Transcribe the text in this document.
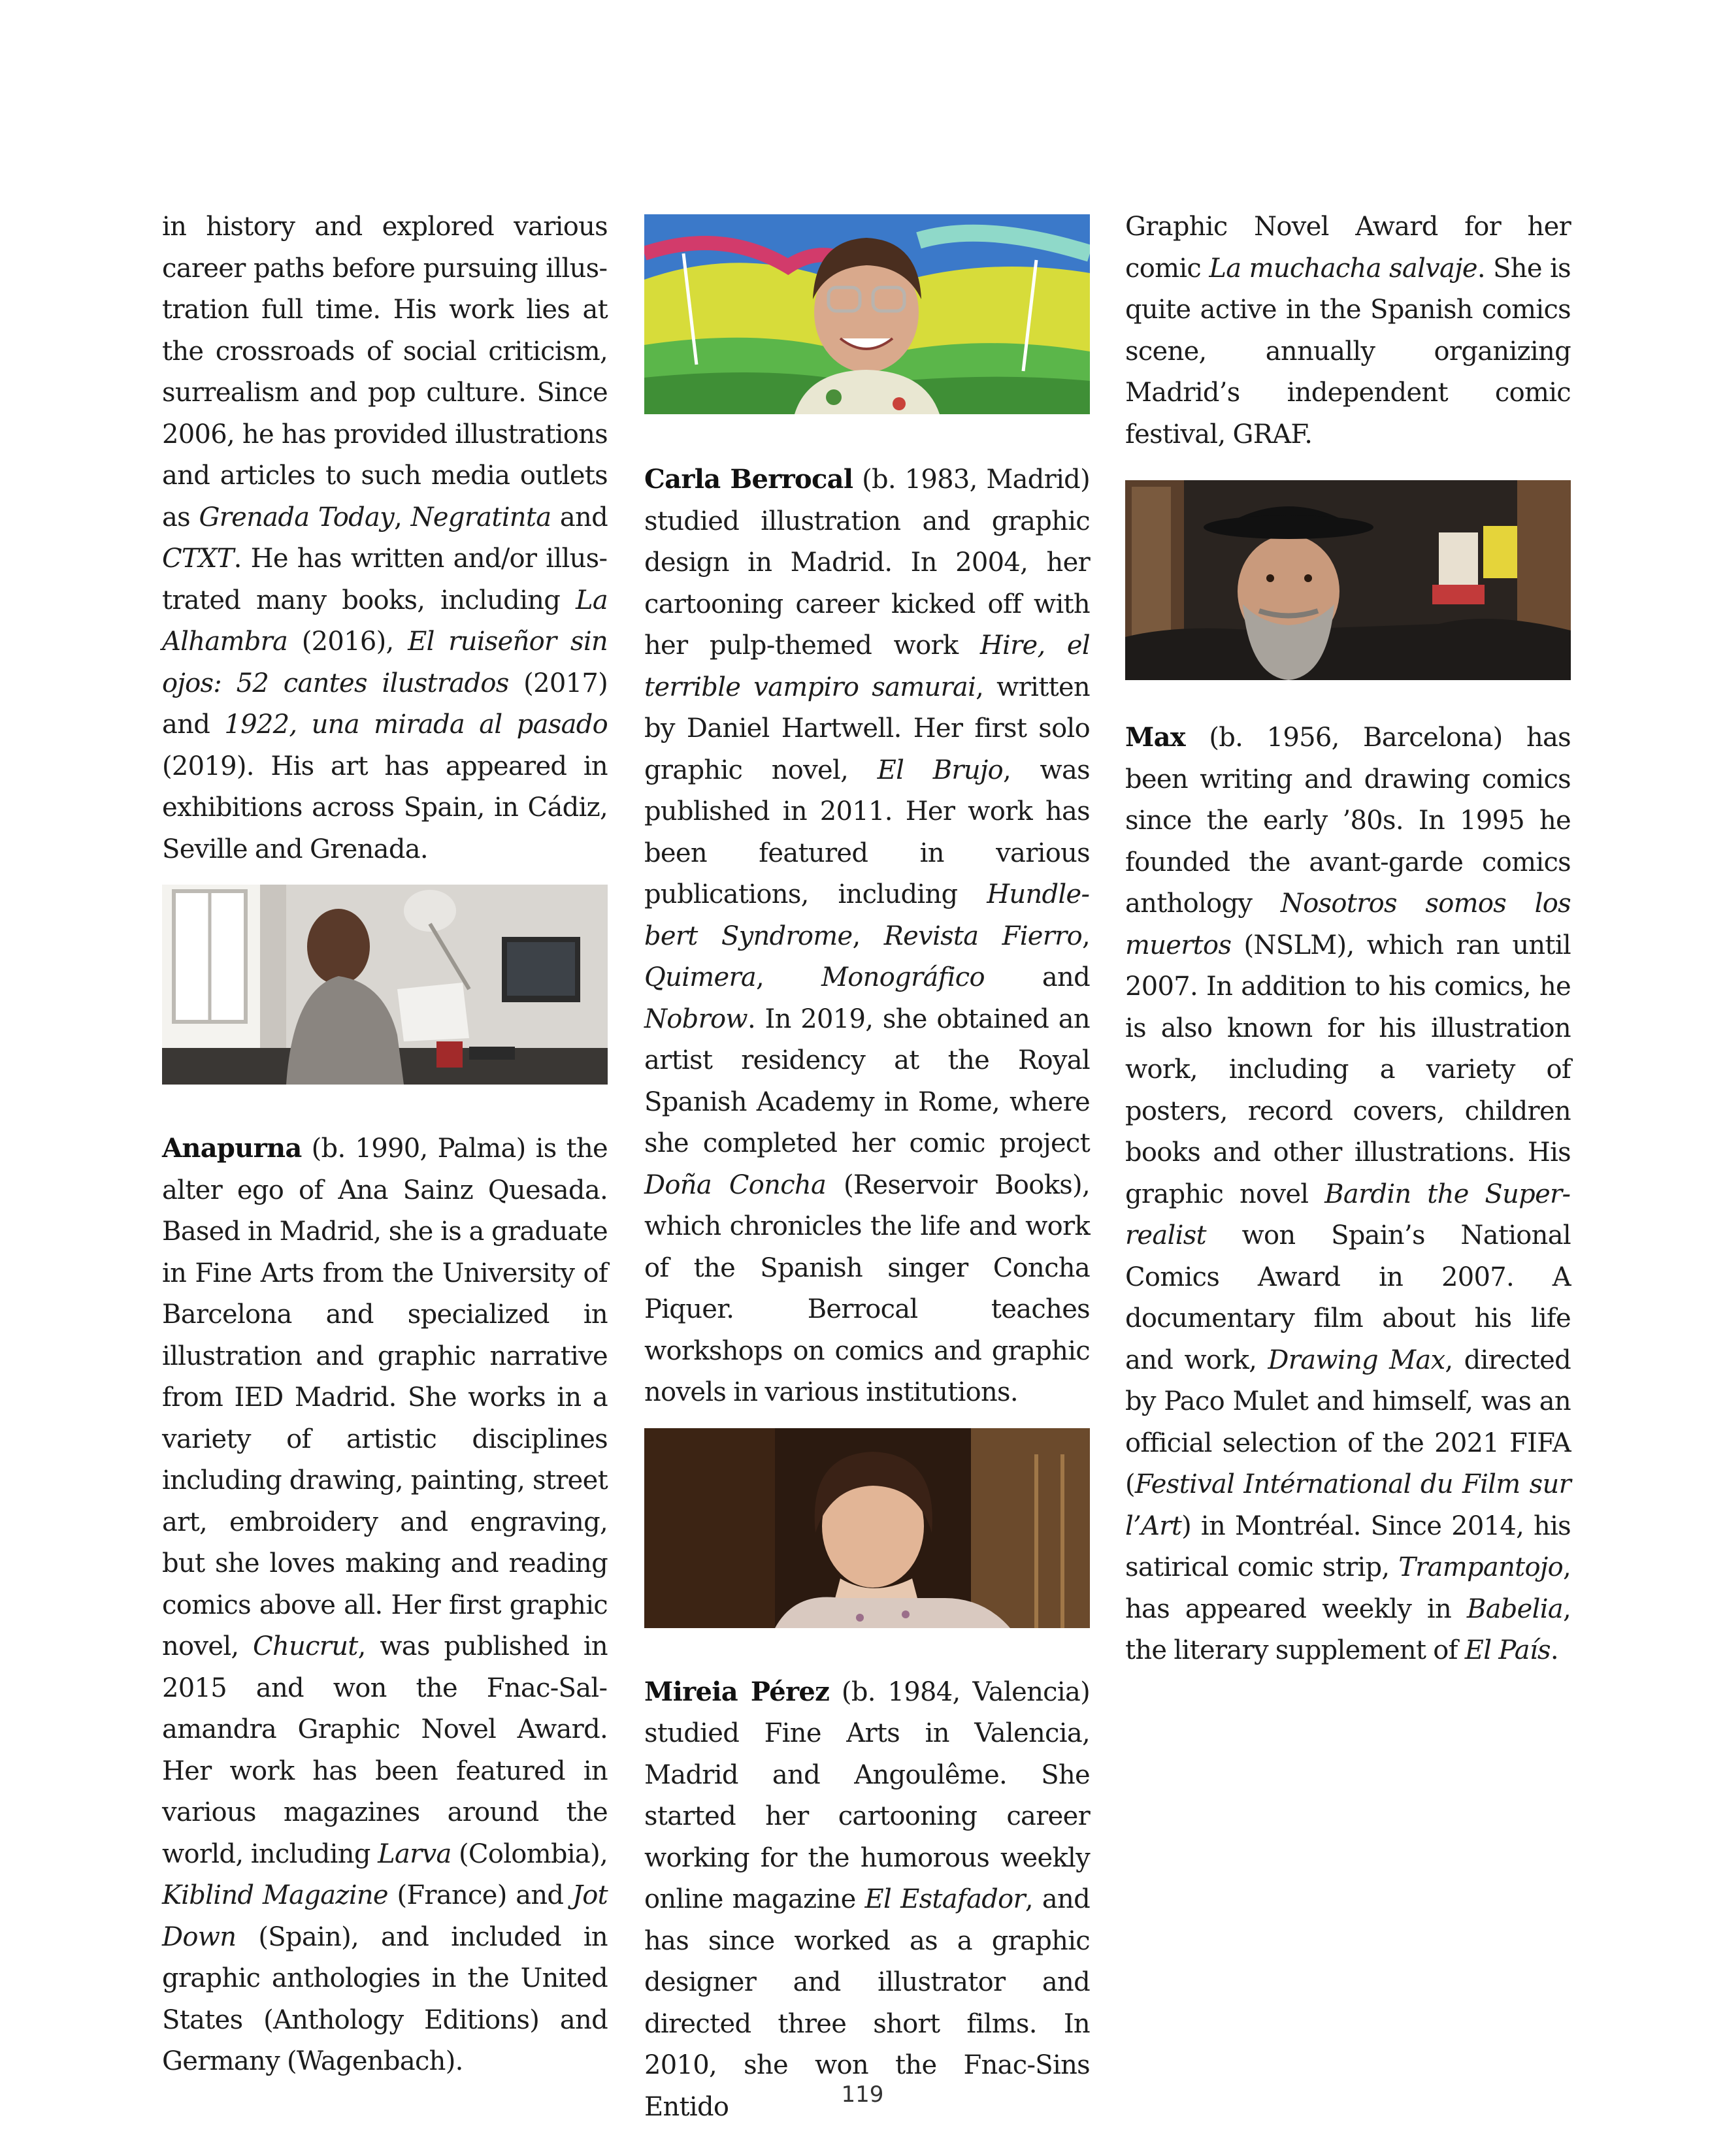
in history and explored various career paths before pursuing illustration full time. His work lies at the crossroads of social criticism, surrealism and pop culture. Since 2006, he has provided illustrations and articles to such media outlets as Grenada Today, Negratinta and CTXT. He has written and/or illustrated many books, including La Alhambra (2016), El ruiseñor sin ojos: 52 cantes ilustrados (2017) and 1922, una mirada al pasado (2019). His art has appeared in exhibitions across Spain, in Cádiz, Seville and Grenada.

Anapurna (b. 1990, Palma) is the alter ego of Ana Sainz Quesada. Based in Madrid, she is a graduate in Fine Arts from the University of Barcelona and specialized in illustration and graphic narrative from IED Madrid. She works in a variety of artistic disciplines including drawing, painting, street art, embroidery and engraving, but she loves making and reading comics above all. Her first graphic novel, Chucrut, was published in 2015 and won the Fnac-Salamandra Graphic Novel Award. Her work has been featured in various magazines around the world, including Larva (Colombia), Kiblind Magazine (France) and Jot Down (Spain), and included in graphic anthologies in the United States (Anthology Editions) and Germany (Wagenbach).

Carla Berrocal (b. 1983, Madrid) studied illustration and graphic design in Madrid. In 2004, her cartooning career kicked off with her pulp-themed work Hire, el terrible vampiro samurai, written by Daniel Hartwell. Her first solo graphic novel, El Brujo, was published in 2011. Her work has been featured in various publications, including Hundlebert Syndrome, Revista Fierro, Quimera, Monográfico and Nobrow. In 2019, she obtained an artist residency at the Royal Spanish Academy in Rome, where she completed her comic project Doña Concha (Reservoir Books), which chronicles the life and work of the Spanish singer Concha Piquer. Berrocal teaches workshops on comics and graphic novels in various institutions.

Mireia Pérez (b. 1984, Valencia) studied Fine Arts in Valencia, Madrid and Angoulême. She started her cartooning career working for the humorous weekly online magazine El Estafador, and has since worked as a graphic designer and illustrator and directed three short films. In 2010, she won the Fnac-Sins Entido

Graphic Novel Award for her comic La muchacha salvaje. She is quite active in the Spanish comics scene, annually organizing Madrid’s independent comic festival, GRAF.

Max (b. 1956, Barcelona) has been writing and drawing comics since the early ’80s. In 1995 he founded the avant-garde comics anthology Nosotros somos los muertos (NSLM), which ran until 2007. In addition to his comics, he is also known for his illustration work, including a variety of posters, record covers, children books and other illustrations. His graphic novel Bardin the Superrealist won Spain’s National Comics Award in 2007. A documentary film about his life and work, Drawing Max, directed by Paco Mulet and himself, was an official selection of the 2021 FIFA (Festival Intérnational du Film sur l’Art) in Montréal. Since 2014, his satirical comic strip, Trampantojo, has appeared weekly in Babelia, the literary supplement of El País.

119
